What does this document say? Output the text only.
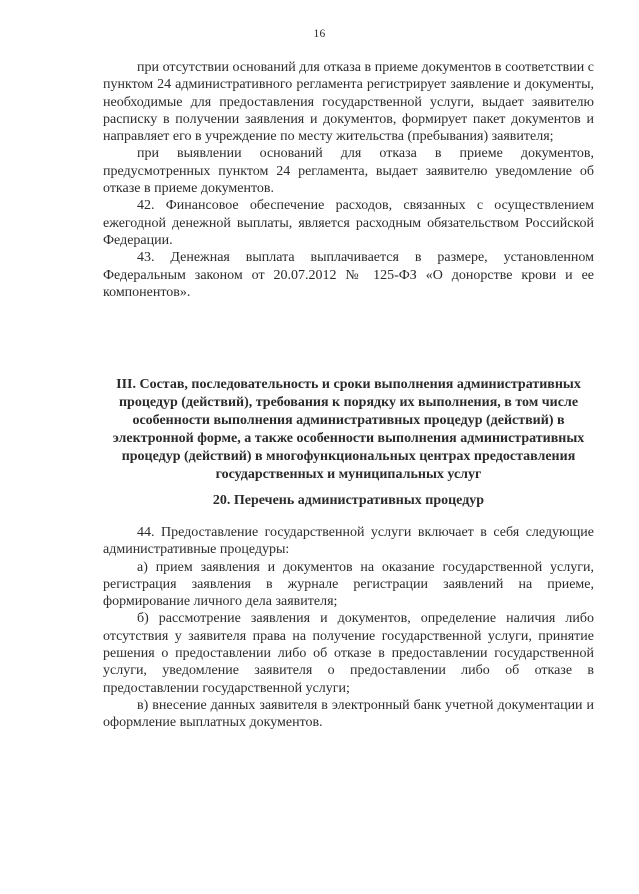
16

при отсутствии оснований для отказа в приеме документов в соответствии с пунктом 24 административного регламента регистрирует заявление и документы, необходимые для предоставления государственной услуги, выдает заявителю расписку в получении заявления и документов, формирует пакет документов и направляет его в учреждение по месту жительства (пребывания) заявителя;

при выявлении оснований для отказа в приеме документов, предусмотренных пунктом 24 регламента, выдает заявителю уведомление об отказе в приеме документов.

42. Финансовое обеспечение расходов, связанных с осуществлением ежегодной денежной выплаты, является расходным обязательством Российской Федерации.

43. Денежная выплата выплачивается в размере, установленном Федеральным законом от 20.07.2012 № 125-ФЗ «О донорстве крови и ее компонентов».

III. Состав, последовательность и сроки выполнения административных процедур (действий), требования к порядку их выполнения, в том числе особенности выполнения административных процедур (действий) в электронной форме, а также особенности выполнения административных процедур (действий) в многофункциональных центрах предоставления государственных и муниципальных услуг
20. Перечень административных процедур

44. Предоставление государственной услуги включает в себя следующие административные процедуры:

а) прием заявления и документов на оказание государственной услуги, регистрация заявления в журнале регистрации заявлений на приеме, формирование личного дела заявителя;

б) рассмотрение заявления и документов, определение наличия либо отсутствия у заявителя права на получение государственной услуги, принятие решения о предоставлении либо об отказе в предоставлении государственной услуги, уведомление заявителя о предоставлении либо об отказе в предоставлении государственной услуги;

в) внесение данных заявителя в электронный банк учетной документации и оформление выплатных документов.
